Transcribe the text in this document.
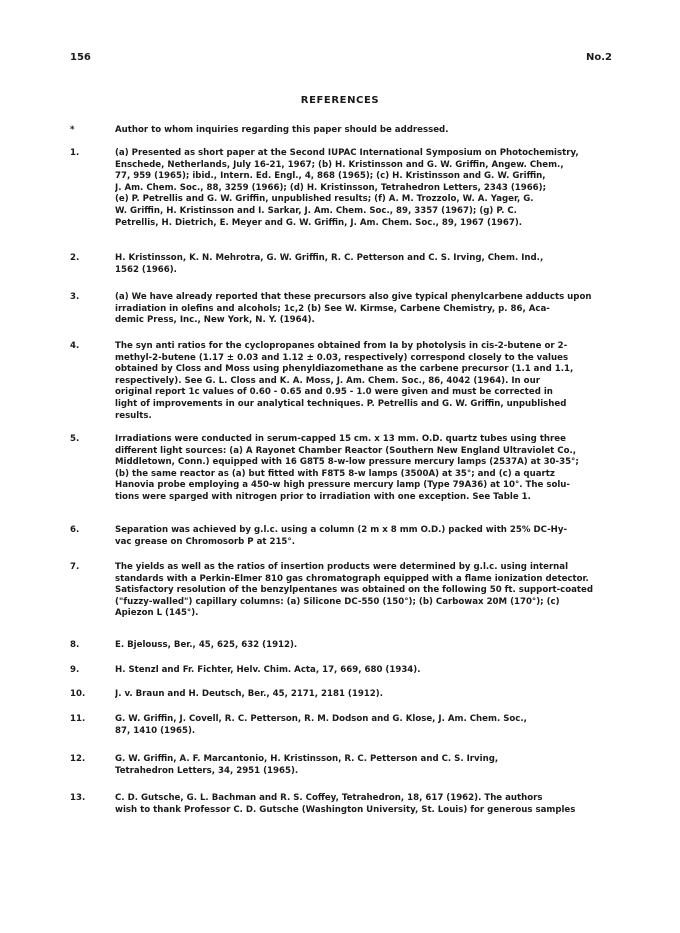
156	No.2
REFERENCES
*	Author to whom inquiries regarding this paper should be addressed.
1.	(a) Presented as short paper at the Second IUPAC International Symposium on Photochemistry,
Enschede, Netherlands, July 16-21, 1967; (b) H. Kristinsson and G. W. Griffin, Angew. Chem.,
77, 959 (1965); ibid., Intern. Ed. Engl., 4, 868 (1965); (c) H. Kristinsson and G. W. Griffin,
J. Am. Chem. Soc., 88, 3259 (1966); (d) H. Kristinsson, Tetrahedron Letters, 2343 (1966);
(e) P. Petrellis and G. W. Griffin, unpublished results; (f) A. M. Trozzolo, W. A. Yager, G.
W. Griffin, H. Kristinsson and I. Sarkar, J. Am. Chem. Soc., 89, 3357 (1967); (g) P. C.
Petrellis, H. Dietrich, E. Meyer and G. W. Griffin, J. Am. Chem. Soc., 89, 1967 (1967).
2.	H. Kristinsson, K. N. Mehrotra, G. W. Griffin, R. C. Petterson and C. S. Irving, Chem. Ind.,
1562 (1966).
3.	(a) We have already reported that these precursors also give typical phenylcarbene adducts upon
irradiation in olefins and alcohols; 1c,2 (b) See W. Kirmse, Carbene Chemistry, p. 86, Aca-
demic Press, Inc., New York, N. Y. (1964).
4.	The syn anti ratios for the cyclopropanes obtained from Ia by photolysis in cis-2-butene or 2-
methyl-2-butene (1.17 ± 0.03 and 1.12 ± 0.03, respectively) correspond closely to the values
obtained by Closs and Moss using phenyldiazomethane as the carbene precursor (1.1 and 1.1,
respectively). See G. L. Closs and K. A. Moss, J. Am. Chem. Soc., 86, 4042 (1964). In our
original report 1c values of 0.60 - 0.65 and 0.95 - 1.0 were given and must be corrected in
light of improvements in our analytical techniques. P. Petrellis and G. W. Griffin, unpublished
results.
5.	Irradiations were conducted in serum-capped 15 cm. x 13 mm. O.D. quartz tubes using three
different light sources: (a) A Rayonet Chamber Reactor (Southern New England Ultraviolet Co.,
Middletown, Conn.) equipped with 16 G8T5 8-w-low pressure mercury lamps (2537A) at 30-35°;
(b) the same reactor as (a) but fitted with F8T5 8-w lamps (3500A) at 35°; and (c) a quartz
Hanovia probe employing a 450-w high pressure mercury lamp (Type 79A36) at 10°. The solu-
tions were sparged with nitrogen prior to irradiation with one exception. See Table 1.
6.	Separation was achieved by g.l.c. using a column (2 m x 8 mm O.D.) packed with 25% DC-Hy-
vac grease on Chromosorb P at 215°.
7.	The yields as well as the ratios of insertion products were determined by g.l.c. using internal
standards with a Perkin-Elmer 810 gas chromatograph equipped with a flame ionization detector.
Satisfactory resolution of the benzylpentanes was obtained on the following 50 ft. support-coated
("fuzzy-walled") capillary columns: (a) Silicone DC-550 (150°); (b) Carbowax 20M (170°); (c)
Apiezon L (145°).
8.	E. Bjelouss, Ber., 45, 625, 632 (1912).
9.	H. Stenzl and Fr. Fichter, Helv. Chim. Acta, 17, 669, 680 (1934).
10.	J. v. Braun and H. Deutsch, Ber., 45, 2171, 2181 (1912).
11.	G. W. Griffin, J. Covell, R. C. Petterson, R. M. Dodson and G. Klose, J. Am. Chem. Soc.,
87, 1410 (1965).
12.	G. W. Griffin, A. F. Marcantonio, H. Kristinsson, R. C. Petterson and C. S. Irving,
Tetrahedron Letters, 34, 2951 (1965).
13.	C. D. Gutsche, G. L. Bachman and R. S. Coffey, Tetrahedron, 18, 617 (1962). The authors
wish to thank Professor C. D. Gutsche (Washington University, St. Louis) for generous samples
